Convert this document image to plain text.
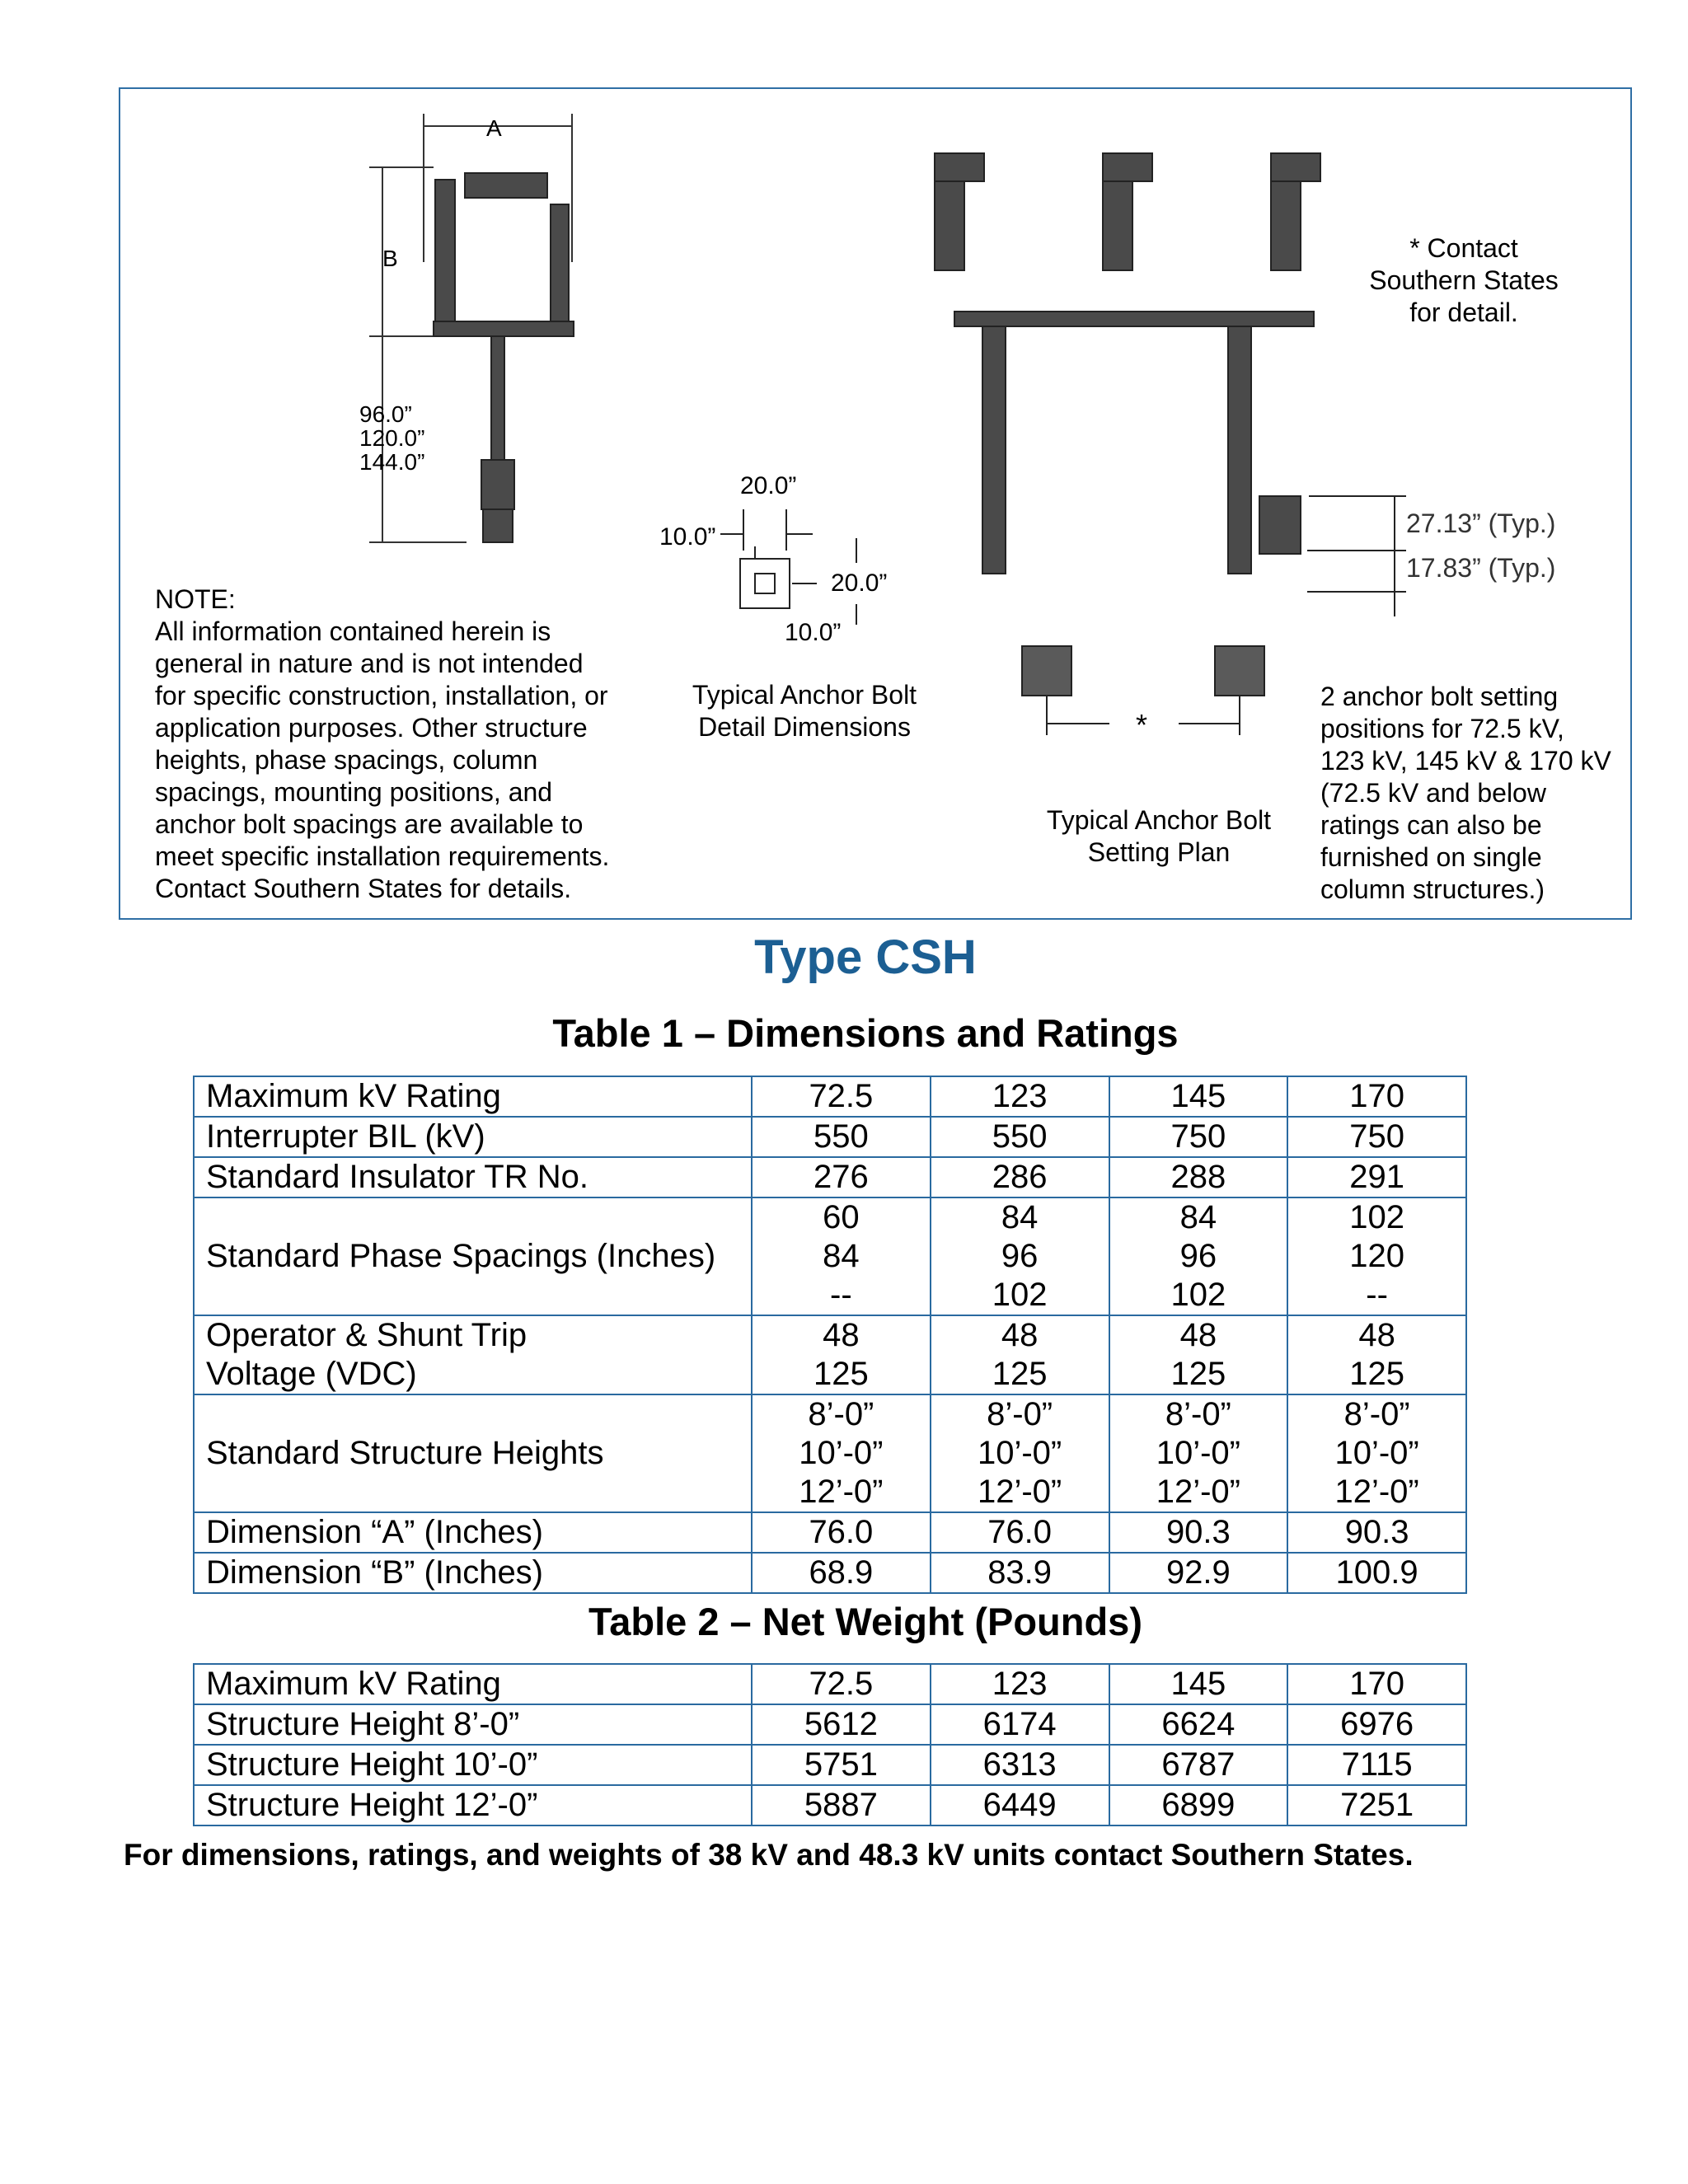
A
B
96.0”
120.0”
144.0”
20.0”
10.0”
20.0”
10.0”
27.13” (Typ.)
17.83” (Typ.)
*
NOTE:
All information contained herein is
general in nature and is not intended
for specific construction, installation, or
application purposes. Other structure
heights, phase spacings, column
spacings, mounting positions, and
anchor bolt spacings are available to
meet specific installation requirements.
Contact Southern States for details.
Typical Anchor Bolt
Detail Dimensions
Typical Anchor Bolt
Setting Plan
* Contact
Southern States
for detail.
2 anchor bolt setting
positions for 72.5 kV,
123 kV, 145 kV & 170 kV
(72.5 kV and below
ratings can also be
furnished on single
column structures.)
Type CSH
Table 1 – Dimensions and Ratings
Maximum kV Rating	72.5	123	145	170

Interrupter BIL (kV)	550	550	750	750

Standard Insulator TR No.	276	286	288	291

Standard Phase Spacings (Inches)	60
84
--	84
96
102	84
96
102	102
120
--

Operator & Shunt Trip
Voltage (VDC)	48
125	48
125	48
125	48
125

Standard Structure Heights	8’-0”
10’-0”
12’-0”	8’-0”
10’-0”
12’-0”	8’-0”
10’-0”
12’-0”	8’-0”
10’-0”
12’-0”

Dimension “A” (Inches)	76.0	76.0	90.3	90.3

Dimension “B” (Inches)	68.9	83.9	92.9	100.9
Table 2 – Net Weight (Pounds)
Maximum kV Rating	72.5	123	145	170

Structure Height 8’-0”	5612	6174	6624	6976

Structure Height 10’-0”	5751	6313	6787	7115

Structure Height 12’-0”	5887	6449	6899	7251
For dimensions, ratings, and weights of 38 kV and 48.3 kV units contact Southern States.
